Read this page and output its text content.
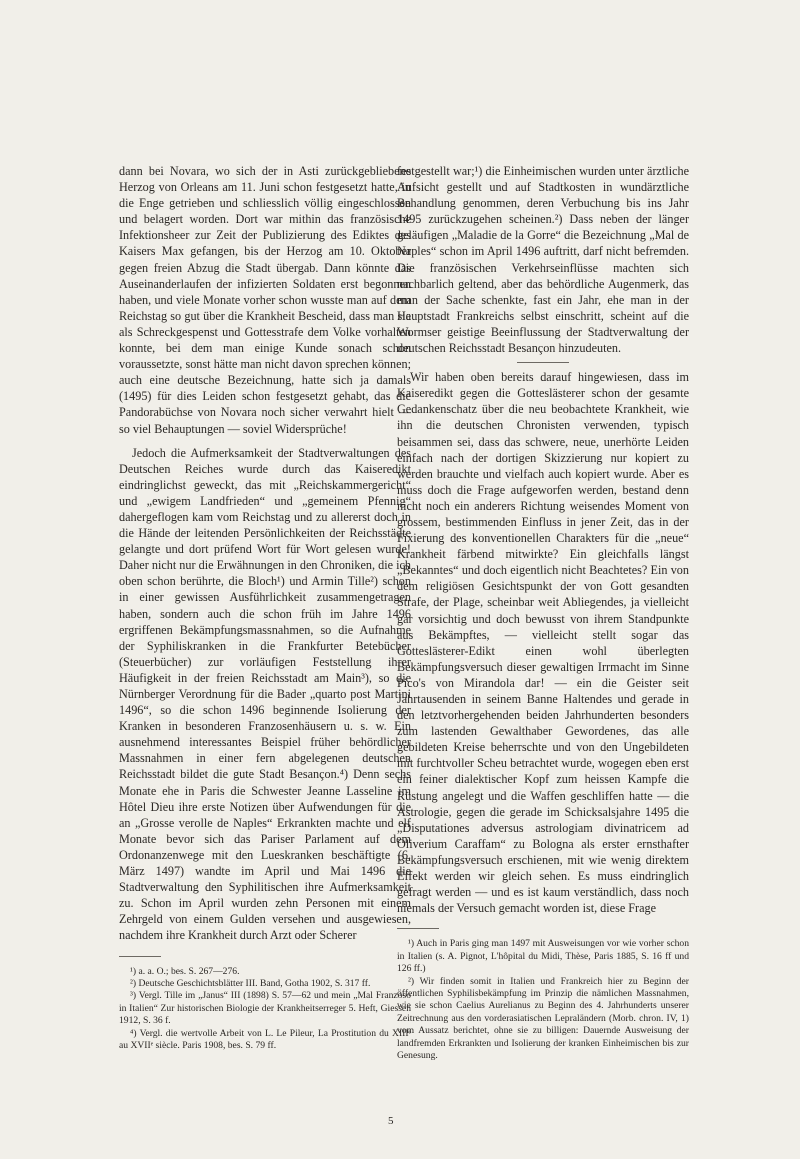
dann bei Novara, wo sich der in Asti zurückgebliebene Herzog von Orleans am 11. Juni schon festgesetzt hatte, in die Enge getrieben und schliesslich völlig eingeschlossen und belagert worden. Dort war mithin das französische Infektionsheer zur Zeit der Publizierung des Ediktes des Kaisers Max gefangen, bis der Herzog am 10. Oktober gegen freien Abzug die Stadt übergab. Dann könnte das Auseinanderlaufen der infizierten Soldaten erst begonnen haben, und viele Monate vorher schon wusste man auf dem Reichstag so gut über die Krankheit Bescheid, dass man sie als Schreckgespenst und Gottesstrafe dem Volke vorhalten konnte, bei dem man einige Kunde sonach schon voraussetzte, sonst hätte man nicht davon sprechen können; auch eine deutsche Bezeichnung, hatte sich ja damals (1495) für dies Leiden schon festgesetzt gehabt, das die Pandorabüchse von Novara noch sicher verwahrt hielt — so viel Behauptungen — soviel Widersprüche!

Jedoch die Aufmerksamkeit der Stadtverwaltungen des Deutschen Reiches wurde durch das Kaiseredikt eindringlichst geweckt, das mit „Reichskammergericht“ und „ewigem Landfrieden“ und „gemeinem Pfennig“ dahergeflogen kam vom Reichstag und zu allererst doch in die Hände der leitenden Persönlichkeiten der Reichsstädte gelangte und dort prüfend Wort für Wort gelesen wurde! Daher nicht nur die Erwähnungen in den Chroniken, die ich oben schon berührte, die Bloch¹) und Armin Tille²) schon in einer gewissen Ausführlichkeit zusammengetragen haben, sondern auch die schon früh im Jahre 1496 ergriffenen Bekämpfungsmassnahmen, so die Aufnahme der Syphiliskranken in die Frankfurter Betebücher (Steuerbücher) zur vorläufigen Feststellung ihrer Häufigkeit in der freien Reichsstadt am Main³), so die Nürnberger Verordnung für die Bader „quarto post Martini 1496“, so die schon 1496 beginnende Isolierung der Kranken in besonderen Franzosenhäusern u. s. w. Ein ausnehmend interessantes Beispiel früher behördlicher Massnahmen in einer fern abgelegenen deutschen Reichsstadt bildet die gute Stadt Besançon.⁴) Denn sechs Monate ehe in Paris die Schwester Jeanne Lasseline im Hôtel Dieu ihre erste Notizen über Aufwendungen für die an „Grosse verolle de Naples“ Erkrankten machte und elf Monate bevor sich das Pariser Parlament auf dem Ordonanzenwege mit den Lueskranken beschäftigte (6. März 1497) wandte im April und Mai 1496 die Stadtverwaltung den Syphilitischen ihre Aufmerksamkeit zu. Schon im April wurden zehn Personen mit einem Zehrgeld von einem Gulden versehen und ausgewiesen, nachdem ihre Krankheit durch Arzt oder Scherer

¹) a. a. O.; bes. S. 267—276.

²) Deutsche Geschichtsblätter III. Band, Gotha 1902, S. 317 ff.

³) Vergl. Tille im „Janus“ III (1898) S. 57—62 und mein „Mal Franzoso in Italien“ Zur historischen Biologie der Krankheitserreger 5. Heft, Giessen 1912, S. 36 f.

⁴) Vergl. die wertvolle Arbeit von L. Le Pileur, La Prostitution du XIIIᵉ au XVIIᵉ siècle. Paris 1908, bes. S. 79 ff.

festgestellt war;¹) die Einheimischen wurden unter ärztliche Aufsicht gestellt und auf Stadtkosten in wundärztliche Behandlung genommen, deren Verbuchung bis ins Jahr 1495 zurückzugehen scheinen.²) Dass neben der länger geläufigen „Maladie de la Gorre“ die Bezeichnung „Mal de Naples“ schon im April 1496 auftritt, darf nicht befremden. Die französischen Verkehrseinflüsse machten sich nachbarlich geltend, aber das behördliche Augenmerk, das man der Sache schenkte, fast ein Jahr, ehe man in der Hauptstadt Frankreichs selbst einschritt, scheint auf die Wormser geistige Beeinflussung der Stadtverwaltung der deutschen Reichsstadt Besançon hinzudeuten.

Wir haben oben bereits darauf hingewiesen, dass im Kaiseredikt gegen die Gotteslästerer schon der gesamte Gedankenschatz über die neu beobachtete Krankheit, wie ihn die deutschen Chronisten verwenden, typisch beisammen sei, dass das schwere, neue, unerhörte Leiden einfach nach der dortigen Skizzierung nur kopiert zu werden brauchte und vielfach auch kopiert wurde. Aber es muss doch die Frage aufgeworfen werden, bestand denn nicht noch ein anderers Richtung weisendes Moment von grossem, bestimmenden Einfluss in jener Zeit, das in der Fixierung des konventionellen Charakters für die „neue“ Krankheit färbend mitwirkte? Ein gleichfalls längst „Bekanntes“ und doch eigentlich nicht Beachtetes? Ein von dem religiösen Gesichtspunkt der von Gott gesandten Strafe, der Plage, scheinbar weit Abliegendes, ja vielleicht gar vorsichtig und doch bewusst von ihrem Standpunkte aus Bekämpftes, — vielleicht stellt sogar das Gotteslästerer-Edikt einen wohl überlegten Bekämpfungsversuch dieser gewaltigen Irrmacht im Sinne Pico's von Mirandola dar! — ein die Geister seit Jahrtausenden in seinem Banne Haltendes und gerade in den letztvorhergehenden beiden Jahrhunderten besonders zum lastenden Gewalthaber Gewordenes, das alle gebildeten Kreise beherrschte und von den Ungebildeten mit furchtvoller Scheu betrachtet wurde, wogegen eben erst ein feiner dialektischer Kopf zum heissen Kampfe die Rüstung angelegt und die Waffen geschliffen hatte — die Astrologie, gegen die gerade im Schicksalsjahre 1495 die „Disputationes adversus astrologiam divinatricem ad Oliverium Caraffam“ zu Bologna als erster ernsthafter Bekämpfungsversuch erschienen, mit wie wenig direktem Effekt werden wir gleich sehen. Es muss eindringlich gefragt werden — und es ist kaum verständlich, dass noch niemals der Versuch gemacht worden ist, diese Frage

¹) Auch in Paris ging man 1497 mit Ausweisungen vor wie vorher schon in Italien (s. A. Pignot, L'hôpital du Midi, Thèse, Paris 1885, S. 16 ff und 126 ff.)

²) Wir finden somit in Italien und Frankreich hier zu Beginn der öffentlichen Syphilisbekämpfung im Prinzip die nämlichen Massnahmen, wie sie schon Caelius Aurelianus zu Beginn des 4. Jahrhunderts unserer Zeitrechnung aus den vorderasiatischen Lepraländern (Morb. chron. IV, 1) vom Aussatz berichtet, ohne sie zu billigen: Dauernde Ausweisung der landfremden Erkrankten und Isolierung der kranken Einheimischen bis zur Genesung.

5
